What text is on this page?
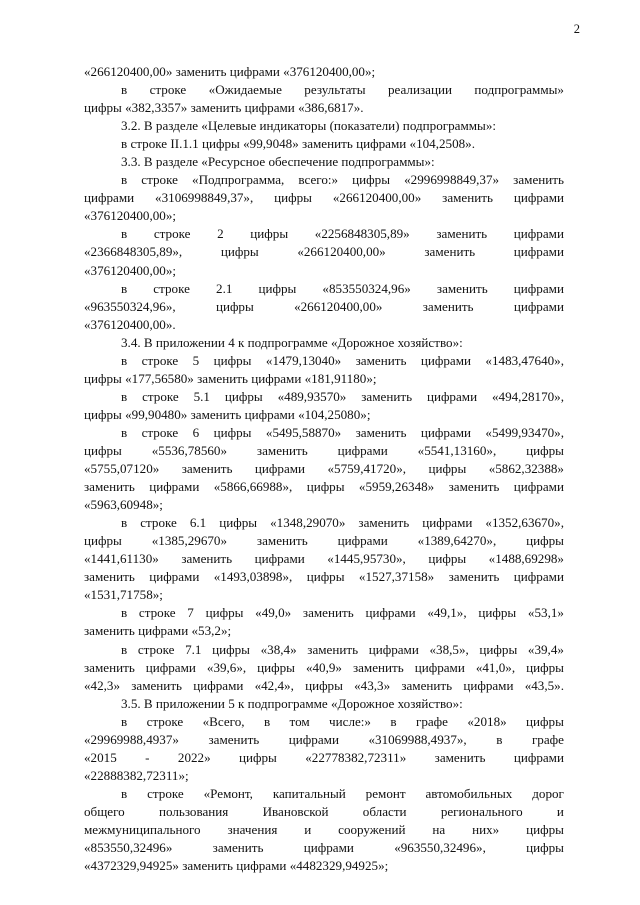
2
«266120400,00» заменить цифрами «376120400,00»;
в строке «Ожидаемые результаты реализации подпрограммы»
цифры «382,3357» заменить цифрами «386,6817».
3.2. В разделе «Целевые индикаторы (показатели) подпрограммы»:
в строке II.1.1 цифры «99,9048» заменить цифрами «104,2508».
3.3. В разделе «Ресурсное обеспечение подпрограммы»:
в строке «Подпрограмма, всего:» цифры «2996998849,37» заменить
цифрами «3106998849,37», цифры «266120400,00» заменить цифрами
«376120400,00»;
в строке 2 цифры «2256848305,89» заменить цифрами
«2366848305,89»,	цифры	«266120400,00»	заменить	цифрами
«376120400,00»;
в строке 2.1 цифры «853550324,96» заменить цифрами
«963550324,96»,	цифры	«266120400,00»	заменить	цифрами
«376120400,00».
3.4. В приложении 4 к подпрограмме «Дорожное хозяйство»:
в строке 5 цифры «1479,13040» заменить цифрами «1483,47640»,
цифры «177,56580» заменить цифрами «181,91180»;
в строке 5.1 цифры «489,93570» заменить цифрами «494,28170»,
цифры «99,90480» заменить цифрами «104,25080»;
в строке 6 цифры «5495,58870» заменить цифрами «5499,93470»,
цифры «5536,78560» заменить цифрами «5541,13160», цифры
«5755,07120» заменить цифрами «5759,41720», цифры «5862,32388»
заменить цифрами «5866,66988», цифры «5959,26348» заменить цифрами
«5963,60948»;
в строке 6.1 цифры «1348,29070» заменить цифрами «1352,63670»,
цифры «1385,29670» заменить цифрами «1389,64270», цифры
«1441,61130» заменить цифрами «1445,95730», цифры «1488,69298»
заменить цифрами «1493,03898», цифры «1527,37158» заменить цифрами
«1531,71758»;
в строке 7 цифры «49,0» заменить цифрами «49,1», цифры «53,1»
заменить цифрами «53,2»;
в строке 7.1 цифры «38,4» заменить цифрами «38,5», цифры «39,4»
заменить цифрами «39,6», цифры «40,9» заменить цифрами «41,0», цифры
«42,3» заменить цифрами «42,4», цифры «43,3» заменить цифрами «43,5».
3.5. В приложении 5 к подпрограмме «Дорожное хозяйство»:
в строке «Всего, в том числе:» в графе «2018» цифры
«29969988,4937» заменить цифрами «31069988,4937», в графе
«2015 - 2022» цифры «22778382,72311» заменить цифрами
«22888382,72311»;
в строке «Ремонт, капитальный ремонт автомобильных дорог
общего	пользования	Ивановской	области	регионального	и
межмуниципального значения и сооружений на них» цифры
«853550,32496»	заменить	цифрами	«963550,32496»,	цифры
«4372329,94925» заменить цифрами «4482329,94925»;
